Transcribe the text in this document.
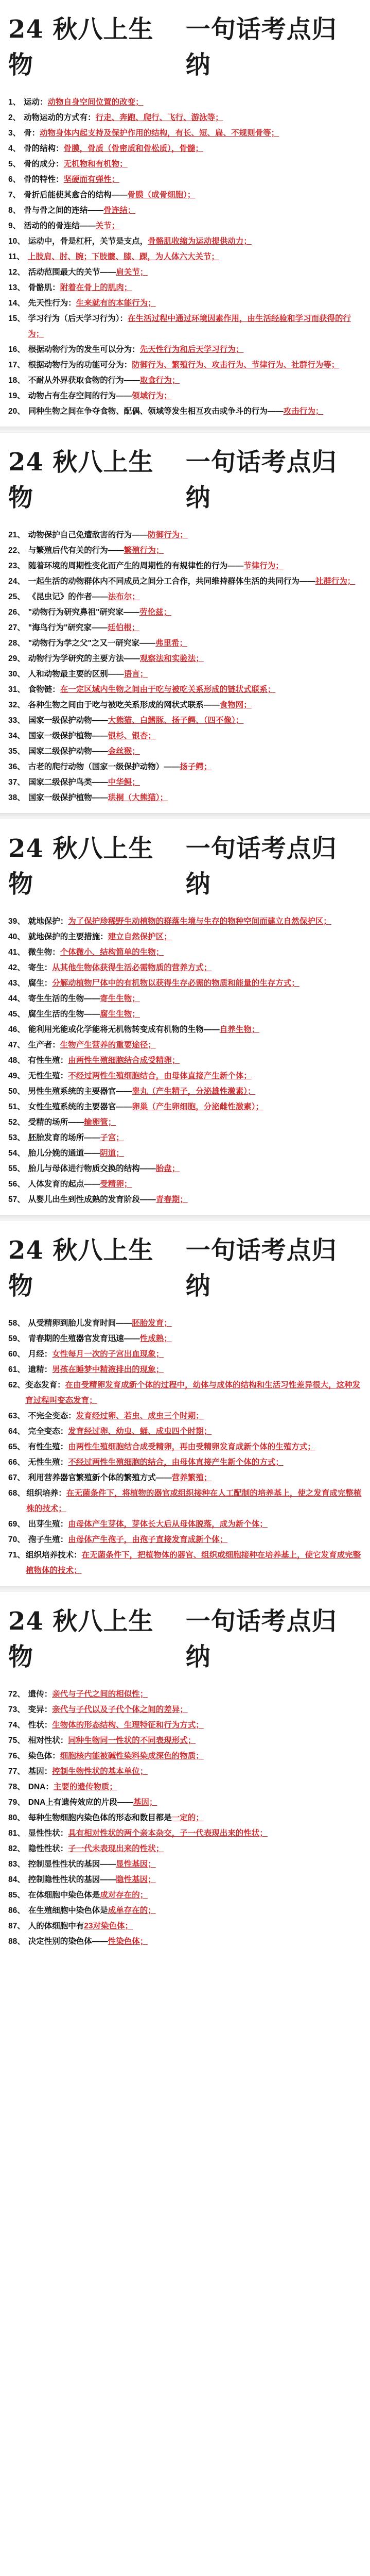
24 秋八上生物
一句话考点归纳
1、 运动：动物自身空间位置的改变；
2、 动物运动的方式有：行走、奔跑、爬行、飞行、游泳等；
3、 骨：动物身体内起支持及保护作用的结构，有长、短、扁、不规则骨等；
4、 骨的结构：骨膜，骨质（骨密质和骨松质），骨髓；
5、 骨的成分：无机物和有机物；
6、 骨的特性：坚硬而有弹性；
7、 骨折后能使其愈合的结构——骨膜（成骨细胞）；
8、 骨与骨之间的连结——骨连结；
9、 活动的的骨连结——关节；
10、 运动中，骨是杠杆，关节是支点，骨骼肌收缩为运动提供动力；
11、 上肢肩、肘、腕；下肢髋、膝、踝，为人体六大关节；
12、 活动范围最大的关节——肩关节；
13、 骨骼肌：附着在骨上的肌肉；
14、 先天性行为：生来就有的本能行为；
15、 学习行为（后天学习行为）：在生活过程中通过环境因素作用，由生活经验和学习而获得的行为；
16、 根据动物行为的发生可以分为：先天性行为和后天学习行为；
17、 根据动物行为的功能可分为：防御行为、繁殖行为、攻击行为、节律行为、社群行为等；
18、 不耐从外界获取食物的行为——取食行为；
19、 动物占有生存空间的行为——领域行为；
20、 同种生物之间在争夺食物、配偶、领域等发生相互攻击或争斗的行为——攻击行为；
24 秋八上生物
一句话考点归纳
21、 动物保护自己免遭敌害的行为——防御行为；
22、 与繁殖后代有关的行为——繁殖行为；
23、 随着环境的周期性变化而产生的周期性的有规律性的行为——节律行为；
24、 一起生活的动物群体内不同成员之间分工合作，共同维持群体生活的共同行为——社群行为；
25、 《昆虫记》的作者——法布尔；
26、 "动物行为研究鼻祖"研究家——劳伦兹；
27、 "海鸟行为"研究家——廷伯根；
28、 "动物行为学之父"之又一研究家——弗里希；
29、 动物行为学研究的主要方法——观察法和实验法；
30、 人和动物最主要的区别——语言；
31、 食物链：在一定区域内生物之间由于吃与被吃关系形成的链状式联系；
32、 各种生物之间由于吃与被吃关系形成的网状式联系——食物网；
33、 国家一级保护动物——大熊猫、白鳍豚、扬子鳄、（四不像）；
34、 国家一级保护植物——银杉、银杏；
35、 国家二级保护动物——金丝猴；
36、 古老的爬行动物（国家一级保护动物）——扬子鳄；
37、 国家二级保护鸟类——中华鲟；
38、 国家一级保护植物——珙桐（大熊猫）；
24 秋八上生物
一句话考点归纳
39、 就地保护：为了保护珍稀野生动植物的群落生境与生存的物种空间而建立自然保护区；
40、 就地保护的主要措施：建立自然保护区；
41、 微生物：个体微小、结构简单的生物；
42、 寄生：从其他生物体获得生活必需物质的营养方式；
43、 腐生：分解动植物尸体中的有机物以获得生存必需的物质和能量的生存方式；
44、 寄生生活的生物——寄生生物；
45、 腐生生活的生物——腐生生物；
46、 能利用光能或化学能将无机物转变成有机物的生物——自养生物；
47、 生产者：生物产生营养的重要途径；
48、 有性生殖：由两性生殖细胞结合成受精卵；
49、 无性生殖：不经过两性生殖细胞结合，由母体直接产生新个体；
50、 男性生殖系统的主要器官——睾丸（产生精子，分泌雄性激素）；
51、 女性生殖系统的主要器官——卵巢（产生卵细胞，分泌雌性激素）；
52、 受精的场所——输卵管；
53、 胚胎发育的场所——子宫；
54、 胎儿分娩的通道——阴道；
55、 胎儿与母体进行物质交换的结构——胎盘；
56、 人体发育的起点——受精卵；
57、 从婴儿出生到性成熟的发育阶段——青春期；
24 秋八上生物
一句话考点归纳
58、 从受精卵到胎儿发育时间——胚胎发育；
59、 青春期的生殖器官发育迅速——性成熟；
60、 月经：女性每月一次的子宫出血现象；
61、 遗精：男孩在睡梦中精液排出的现象；
62、 变态发育：在由受精卵发育成新个体的过程中，幼体与成体的结构和生活习性差异很大，这种发育过程叫变态发育；
63、 不完全变态：发育经过卵、若虫、成虫三个时期；
64、 完全变态：发育经过卵、幼虫、蛹、成虫四个时期；
65、 有性生殖：由两性生殖细胞结合成受精卵，再由受精卵发育成新个体的生殖方式；
66、 无性生殖：不经过两性生殖细胞的结合，由母体直接产生新个体的方式；
67、 利用营养器官繁殖新个体的繁殖方式——营养繁殖；
68、 组织培养：在无菌条件下，将植物的器官或组织接种在人工配制的培养基上，使之发育成完整植株的技术；
69、 出芽生殖：由母体产生芽体，芽体长大后从母体脱落，成为新个体；
70、 孢子生殖：由母体产生孢子，由孢子直接发育成新个体；
71、 组织培养技术：在无菌条件下，把植物体的器官、组织或细胞接种在培养基上，使它发育成完整植物体的技术；
24 秋八上生物
一句话考点归纳
72、 遗传：亲代与子代之间的相似性；
73、 变异：亲代与子代以及子代个体之间的差异；
74、 性状：生物体的形态结构、生理特征和行为方式；
75、 相对性状：同种生物同一性状的不同表现形式；
76、 染色体：细胞核内能被碱性染料染成深色的物质；
77、 基因：控制生物性状的基本单位；
78、 DNA：主要的遗传物质；
79、 DNA上有遗传效应的片段——基因；
80、 每种生物细胞内染色体的形态和数目都是一定的；
81、 显性性状：具有相对性状的两个亲本杂交，子一代表现出来的性状；
82、 隐性性状：子一代未表现出来的性状；
83、 控制显性性状的基因——显性基因；
84、 控制隐性性状的基因——隐性基因；
85、 在体细胞中染色体是成对存在的；
86、 在生殖细胞中染色体是成单存在的；
87、 人的体细胞中有23对染色体；
88、 决定性别的染色体——性染色体；
